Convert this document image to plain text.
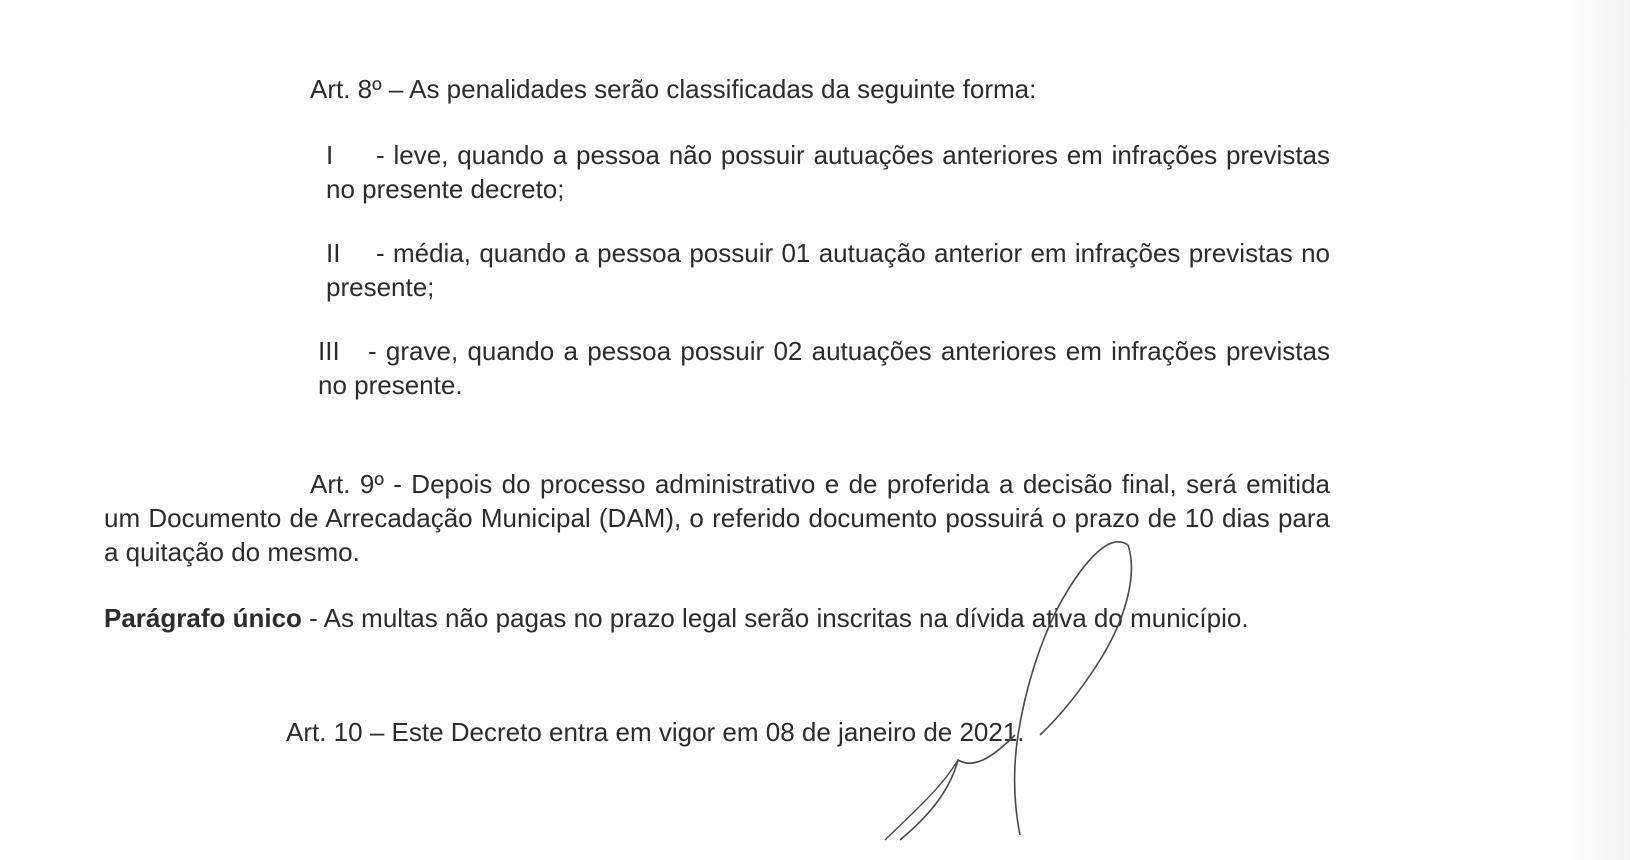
Art. 8º – As penalidades serão classificadas da seguinte forma:

I - leve, quando a pessoa não possuir autuações anteriores em infrações previstas no presente decreto;

II - média, quando a pessoa possuir 01 autuação anterior em infrações previstas no presente;

III - grave, quando a pessoa possuir 02 autuações anteriores em infrações previstas no presente.

Art. 9º - Depois do processo administrativo e de proferida a decisão final, será emitida um Documento de Arrecadação Municipal (DAM), o referido documento possuirá o prazo de 10 dias para a quitação do mesmo.

Parágrafo único - As multas não pagas no prazo legal serão inscritas na dívida ativa do município.

Art. 10 – Este Decreto entra em vigor em 08 de janeiro de 2021.
